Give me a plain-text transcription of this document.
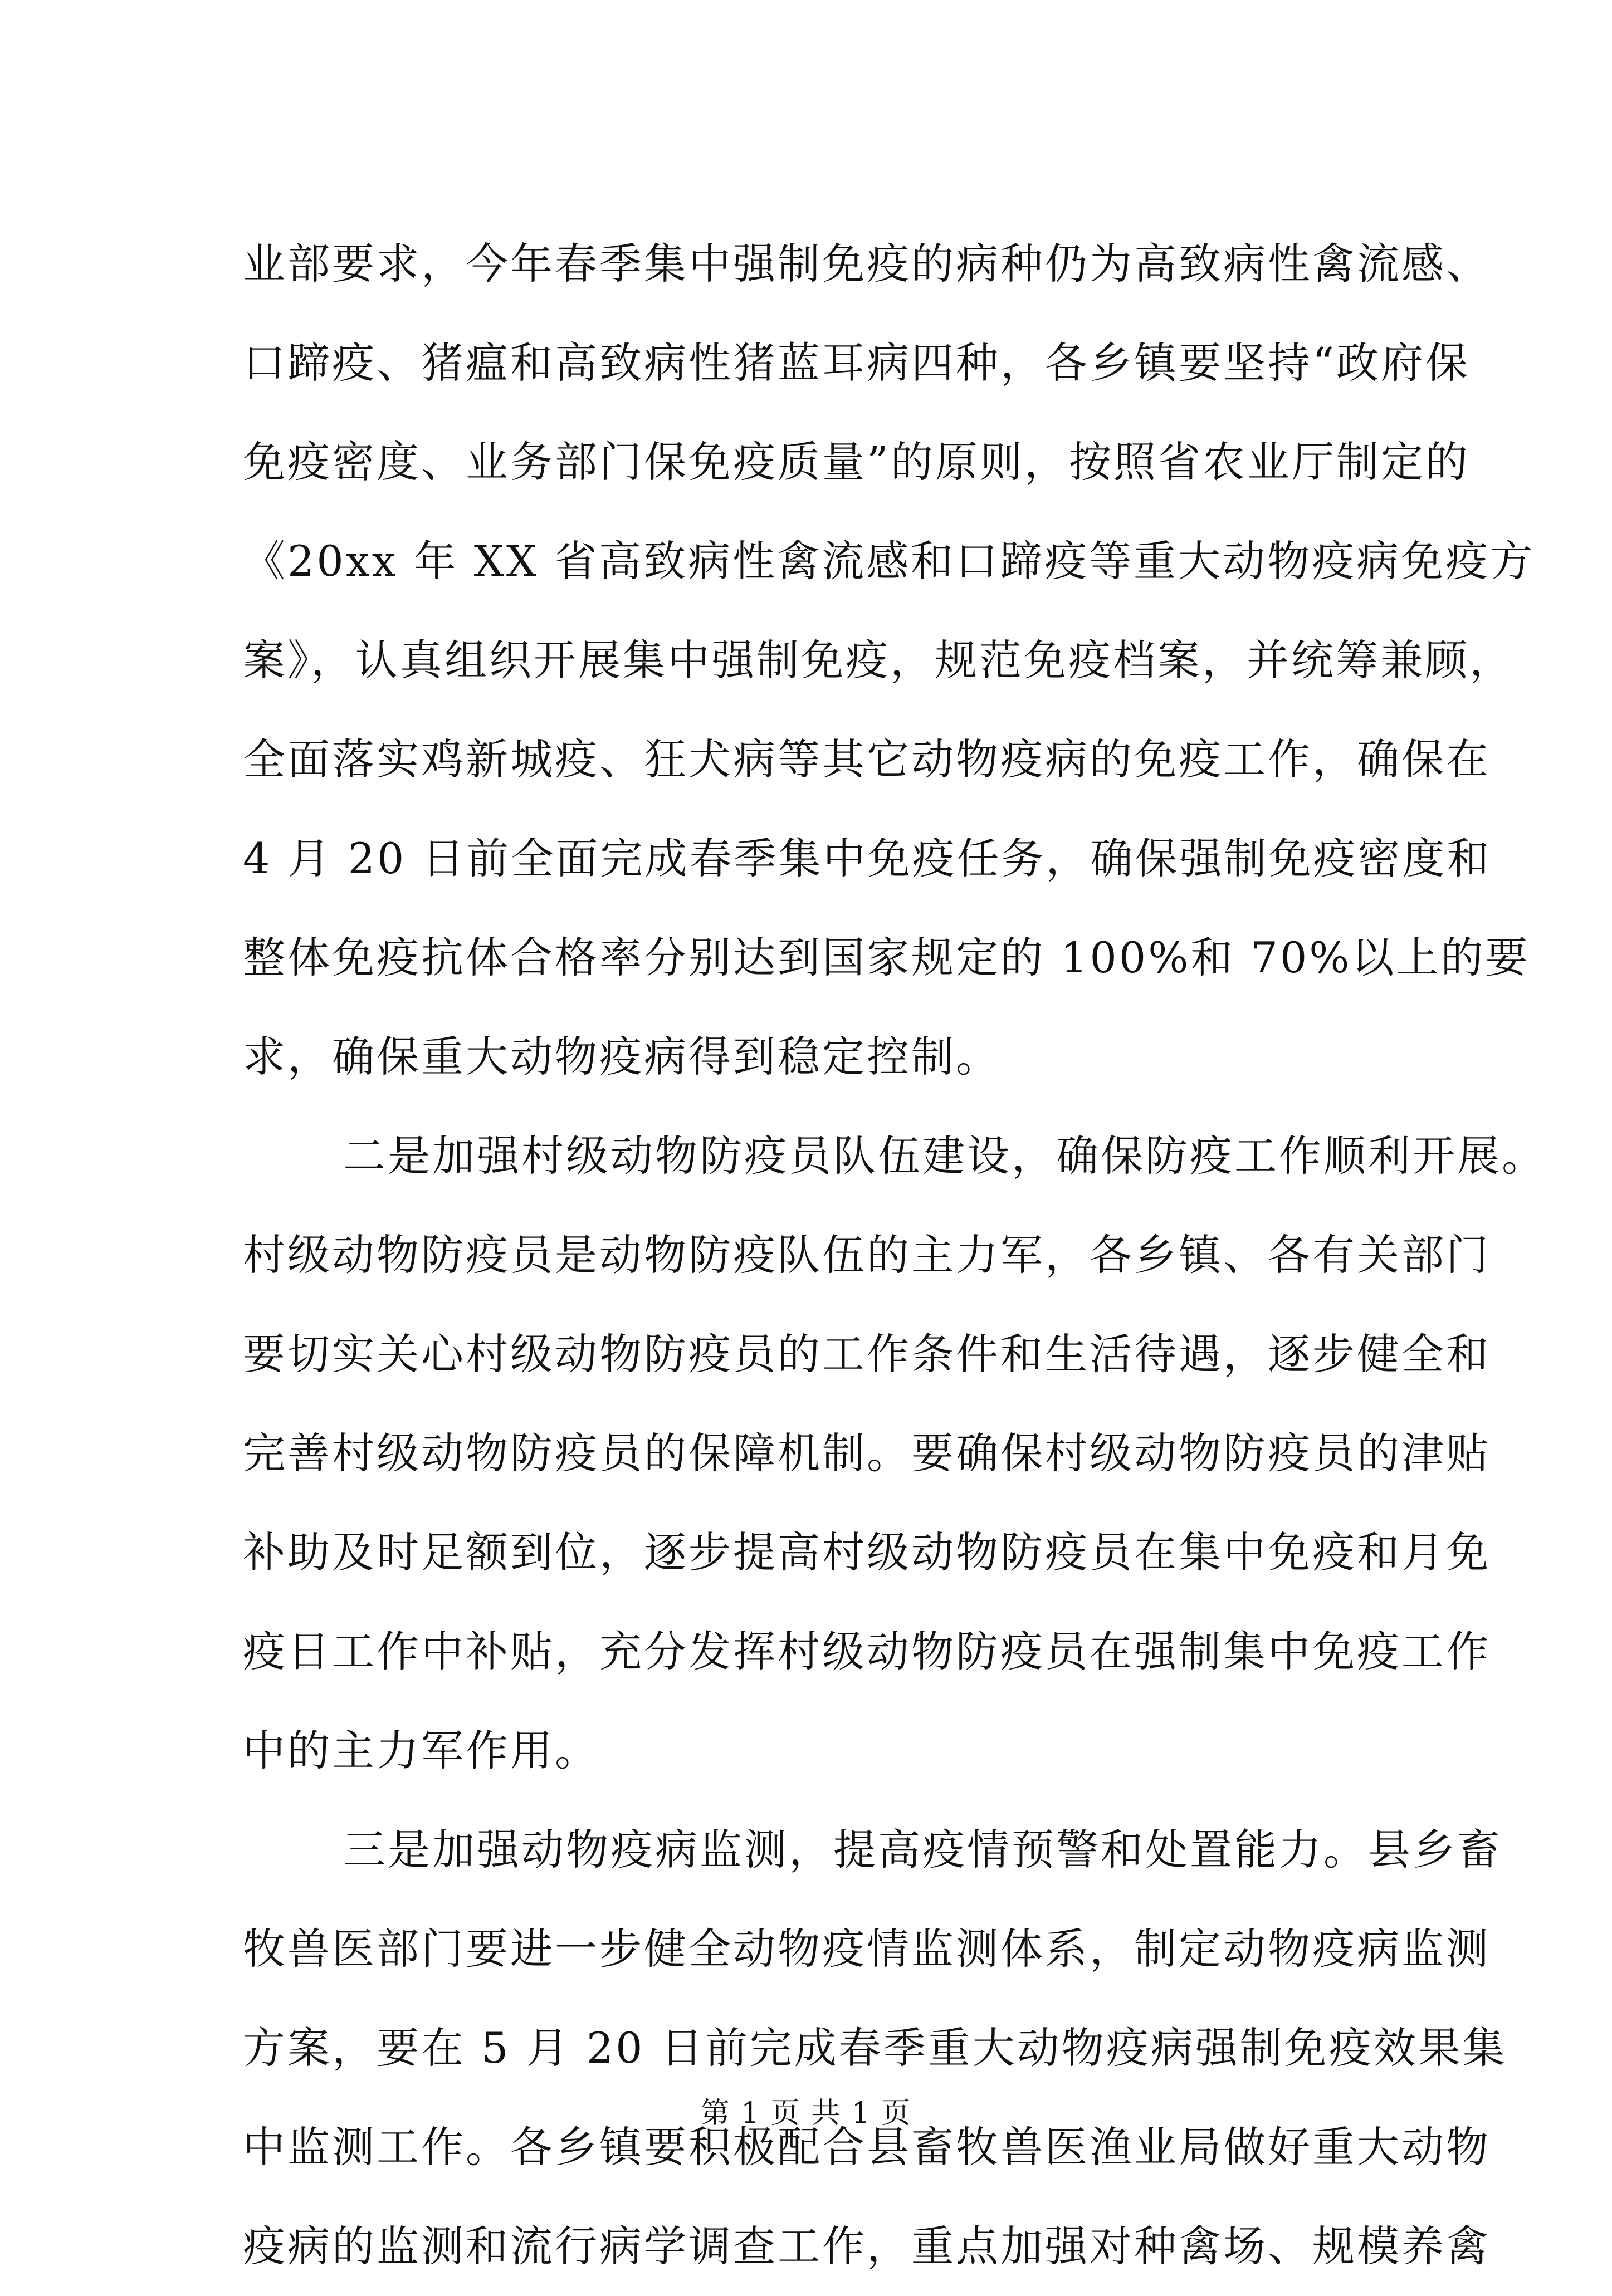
业部要求，今年春季集中强制免疫的病种仍为高致病性禽流感、
口蹄疫、猪瘟和高致病性猪蓝耳病四种，各乡镇要坚持“政府保
免疫密度、业务部门保免疫质量”的原则，按照省农业厅制定的
《20xx 年 XX 省高致病性禽流感和口蹄疫等重大动物疫病免疫方
案》，认真组织开展集中强制免疫，规范免疫档案，并统筹兼顾，
全面落实鸡新城疫、狂犬病等其它动物疫病的免疫工作，确保在
4 月 20 日前全面完成春季集中免疫任务，确保强制免疫密度和
整体免疫抗体合格率分别达到国家规定的 100%和 70%以上的要
求，确保重大动物疫病得到稳定控制。
二是加强村级动物防疫员队伍建设，确保防疫工作顺利开展。
村级动物防疫员是动物防疫队伍的主力军，各乡镇、各有关部门
要切实关心村级动物防疫员的工作条件和生活待遇，逐步健全和
完善村级动物防疫员的保障机制。要确保村级动物防疫员的津贴
补助及时足额到位，逐步提高村级动物防疫员在集中免疫和月免
疫日工作中补贴，充分发挥村级动物防疫员在强制集中免疫工作
中的主力军作用。
三是加强动物疫病监测，提高疫情预警和处置能力。县乡畜
牧兽医部门要进一步健全动物疫情监测体系，制定动物疫病监测
方案，要在 5 月 20 日前完成春季重大动物疫病强制免疫效果集
中监测工作。各乡镇要积极配合县畜牧兽医渔业局做好重大动物
疫病的监测和流行病学调查工作，重点加强对种禽场、规模养禽
第 1 页 共 1 页
